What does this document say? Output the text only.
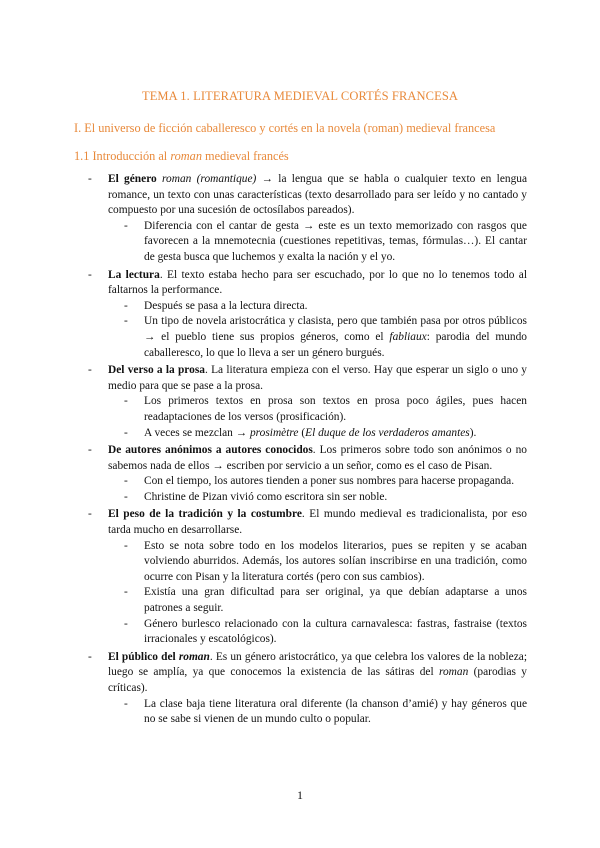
TEMA 1. LITERATURA MEDIEVAL CORTÉS FRANCESA
I. El universo de ficción caballeresco y cortés en la novela (roman) medieval francesa
1.1 Introducción al roman medieval francés
- El género roman (romantique) → la lengua que se habla o cualquier texto en lengua romance, un texto con unas características (texto desarrollado para ser leído y no cantado y compuesto por una sucesión de octosílabos pareados).
- Diferencia con el cantar de gesta → este es un texto memorizado con rasgos que favorecen a la mnemotecnia (cuestiones repetitivas, temas, fórmulas…). El cantar de gesta busca que luchemos y exalta la nación y el yo.
- La lectura. El texto estaba hecho para ser escuchado, por lo que no lo tenemos todo al faltarnos la performance.
- Después se pasa a la lectura directa.
- Un tipo de novela aristocrática y clasista, pero que también pasa por otros públicos → el pueblo tiene sus propios géneros, como el fabliaux: parodia del mundo caballeresco, lo que lo lleva a ser un género burgués.
- Del verso a la prosa. La literatura empieza con el verso. Hay que esperar un siglo o uno y medio para que se pase a la prosa.
- Los primeros textos en prosa son textos en prosa poco ágiles, pues hacen readaptaciones de los versos (prosificación).
- A veces se mezclan → prosimètre (El duque de los verdaderos amantes).
- De autores anónimos a autores conocidos. Los primeros sobre todo son anónimos o no sabemos nada de ellos → escriben por servicio a un señor, como es el caso de Pisan.
- Con el tiempo, los autores tienden a poner sus nombres para hacerse propaganda.
- Christine de Pizan vivió como escritora sin ser noble.
- El peso de la tradición y la costumbre. El mundo medieval es tradicionalista, por eso tarda mucho en desarrollarse.
- Esto se nota sobre todo en los modelos literarios, pues se repiten y se acaban volviendo aburridos. Además, los autores solían inscribirse en una tradición, como ocurre con Pisan y la literatura cortés (pero con sus cambios).
- Existía una gran dificultad para ser original, ya que debían adaptarse a unos patrones a seguir.
- Género burlesco relacionado con la cultura carnavalesca: fastras, fastraise (textos irracionales y escatológicos).
- El público del roman. Es un género aristocrático, ya que celebra los valores de la nobleza; luego se amplía, ya que conocemos la existencia de las sátiras del roman (parodias y críticas).
- La clase baja tiene literatura oral diferente (la chanson d’amié) y hay géneros que no se sabe si vienen de un mundo culto o popular.
1
